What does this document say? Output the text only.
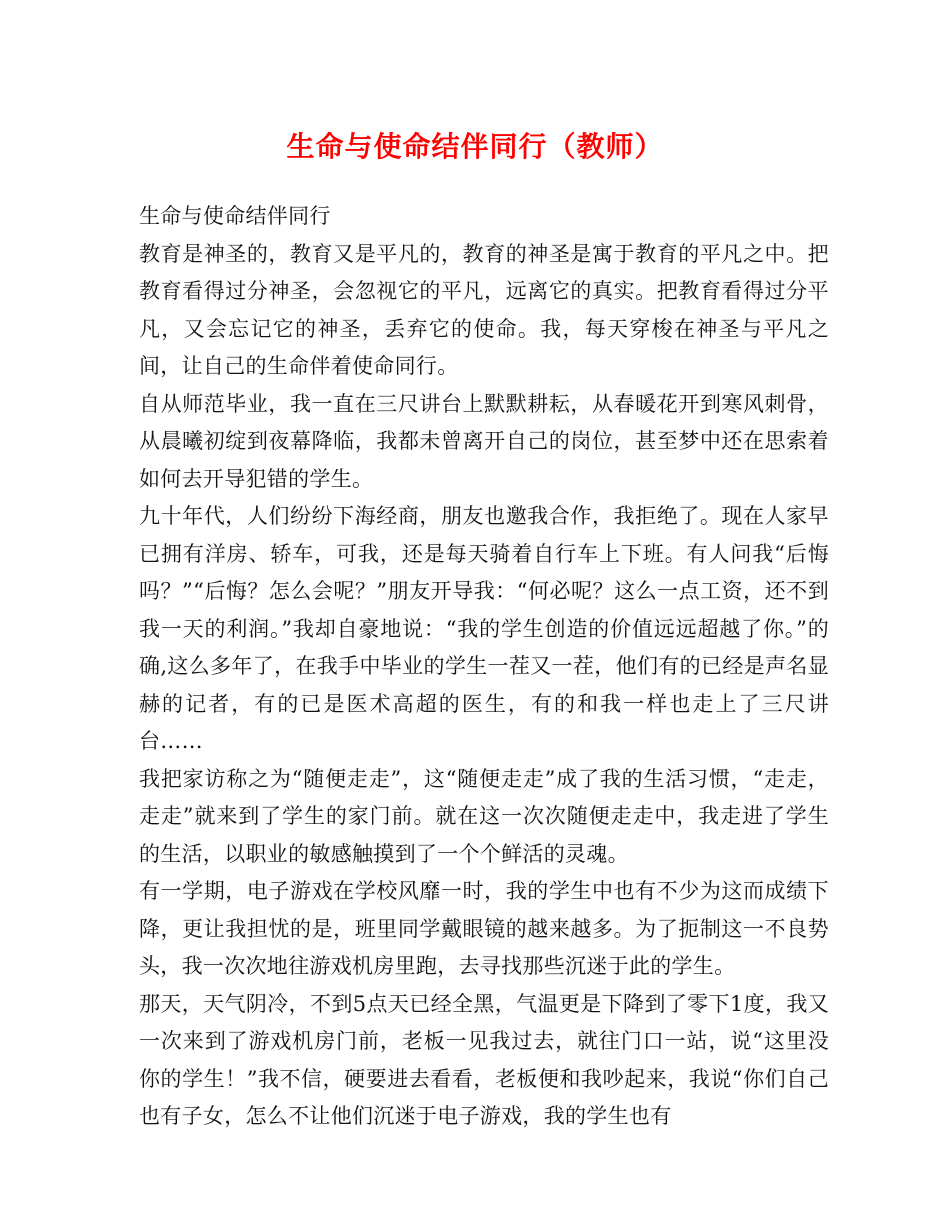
生命与使命结伴同行（教师）

生命与使命结伴同行

教育是神圣的，教育又是平凡的，教育的神圣是寓于教育的平凡之中。把教育看得过分神圣，会忽视它的平凡，远离它的真实。把教育看得过分平凡，又会忘记它的神圣，丢弃它的使命。我，每天穿梭在神圣与平凡之间，让自己的生命伴着使命同行。

自从师范毕业，我一直在三尺讲台上默默耕耘，从春暖花开到寒风刺骨，从晨曦初绽到夜幕降临，我都未曾离开自己的岗位，甚至梦中还在思索着如何去开导犯错的学生。

九十年代，人们纷纷下海经商，朋友也邀我合作，我拒绝了。现在人家早已拥有洋房、轿车，可我，还是每天骑着自行车上下班。有人问我“后悔吗？”“后悔？怎么会呢？”朋友开导我：“何必呢？这么一点工资，还不到我一天的利润。”我却自豪地说：“我的学生创造的价值远远超越了你。”的确,这么多年了，在我手中毕业的学生一茬又一茬，他们有的已经是声名显赫的记者，有的已是医术高超的医生，有的和我一样也走上了三尺讲台……

我把家访称之为“随便走走”，这“随便走走”成了我的生活习惯，“走走，走走”就来到了学生的家门前。就在这一次次随便走走中，我走进了学生的生活，以职业的敏感触摸到了一个个鲜活的灵魂。

有一学期，电子游戏在学校风靡一时，我的学生中也有不少为这而成绩下降，更让我担忧的是，班里同学戴眼镜的越来越多。为了扼制这一不良势头，我一次次地往游戏机房里跑，去寻找那些沉迷于此的学生。

那天，天气阴冷，不到5点天已经全黑，气温更是下降到了零下1度，我又一次来到了游戏机房门前，老板一见我过去，就往门口一站，说“这里没你的学生！”我不信，硬要进去看看，老板便和我吵起来，我说“你们自己也有子女，怎么不让他们沉迷于电子游戏，我的学生也有
